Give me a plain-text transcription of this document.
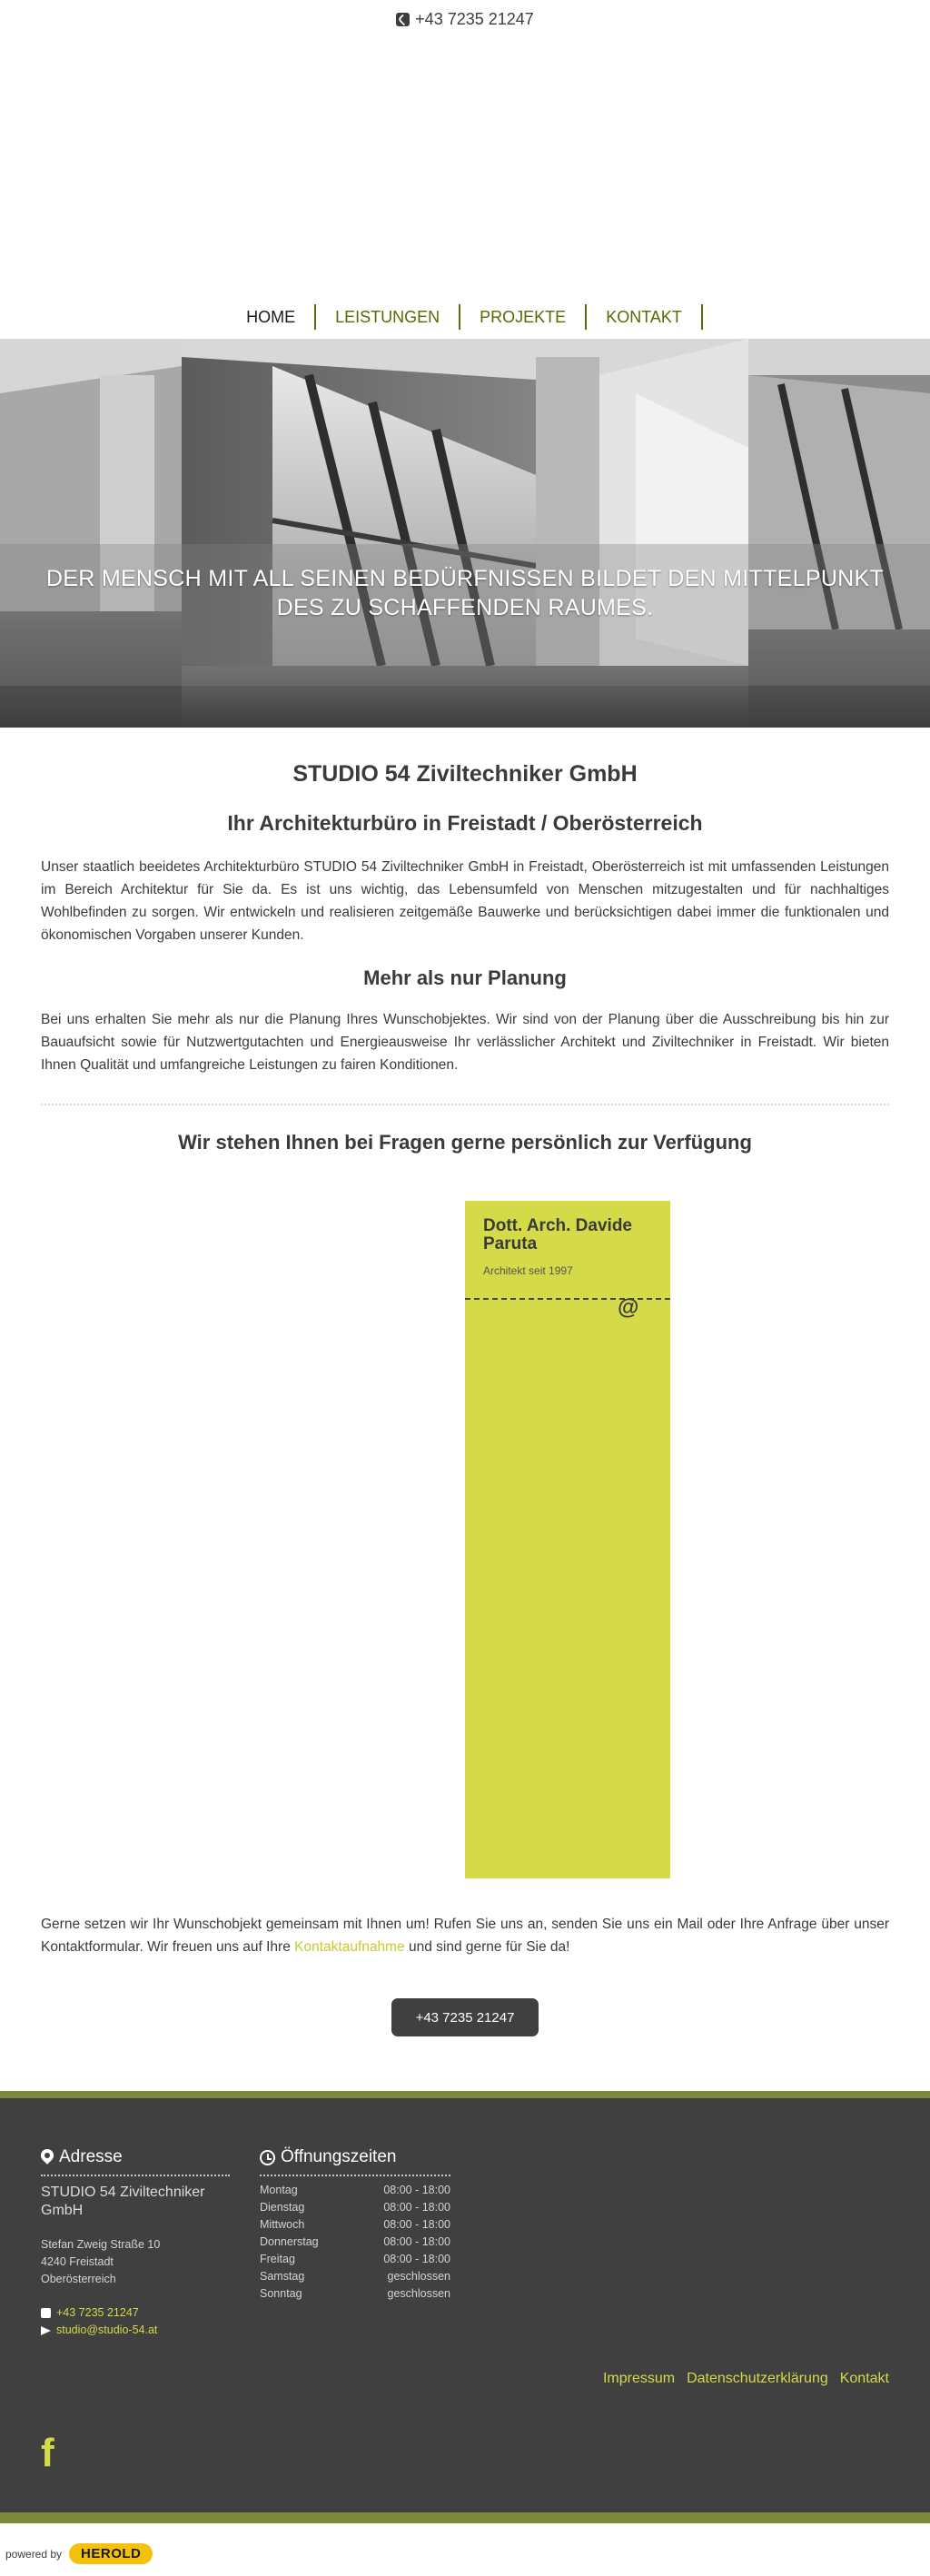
+43 7235 21247
HOME	LEISTUNGEN	PROJEKTE	KONTAKT
DER MENSCH MIT ALL SEINEN BEDÜRFNISSEN BILDET DEN MITTELPUNKT
DES ZU SCHAFFENDEN RAUMES.
STUDIO 54 Ziviltechniker GmbH
Ihr Architekturbüro in Freistadt / Oberösterreich

Unser staatlich beeidetes Architekturbüro STUDIO 54 Ziviltechniker GmbH in Freistadt, Oberösterreich ist mit umfassenden Leistungen im Bereich Architektur für Sie da. Es ist uns wichtig, das Lebensumfeld von Menschen mitzugestalten und für nachhaltiges Wohlbefinden zu sorgen. Wir entwickeln und realisieren zeitgemäße Bauwerke und berücksichtigen dabei immer die funktionalen und ökonomischen Vorgaben unserer Kunden.

Mehr als nur Planung

Bei uns erhalten Sie mehr als nur die Planung Ihres Wunschobjektes. Wir sind von der Planung über die Ausschreibung bis hin zur Bauaufsicht sowie für Nutzwertgutachten und Energieausweise Ihr verlässlicher Architekt und Ziviltechniker in Freistadt. Wir bieten Ihnen Qualität und umfangreiche Leistungen zu fairen Konditionen.

Wir stehen Ihnen bei Fragen gerne persönlich zur Verfügung
Dott. Arch. Davide Paruta
Architekt seit 1997
@

Gerne setzen wir Ihr Wunschobjekt gemeinsam mit Ihnen um! Rufen Sie uns an, senden Sie uns ein Mail oder Ihre Anfrage über unser Kontaktformular. Wir freuen uns auf Ihre Kontaktaufnahme und sind gerne für Sie da!

+43 7235 21247
Adresse
STUDIO 54 Ziviltechniker
GmbH
Stefan Zweig Straße 10
4240 Freistadt
Oberösterreich
+43 7235 21247
studio@studio-54.at
Öffnungszeiten
Montag	08:00 - 18:00
Dienstag	08:00 - 18:00
Mittwoch	08:00 - 18:00
Donnerstag	08:00 - 18:00
Freitag	08:00 - 18:00
Samstag	geschlossen
Sonntag	geschlossen
Impressum Datenschutzerklärung Kontakt
f
powered by	HEROLD
